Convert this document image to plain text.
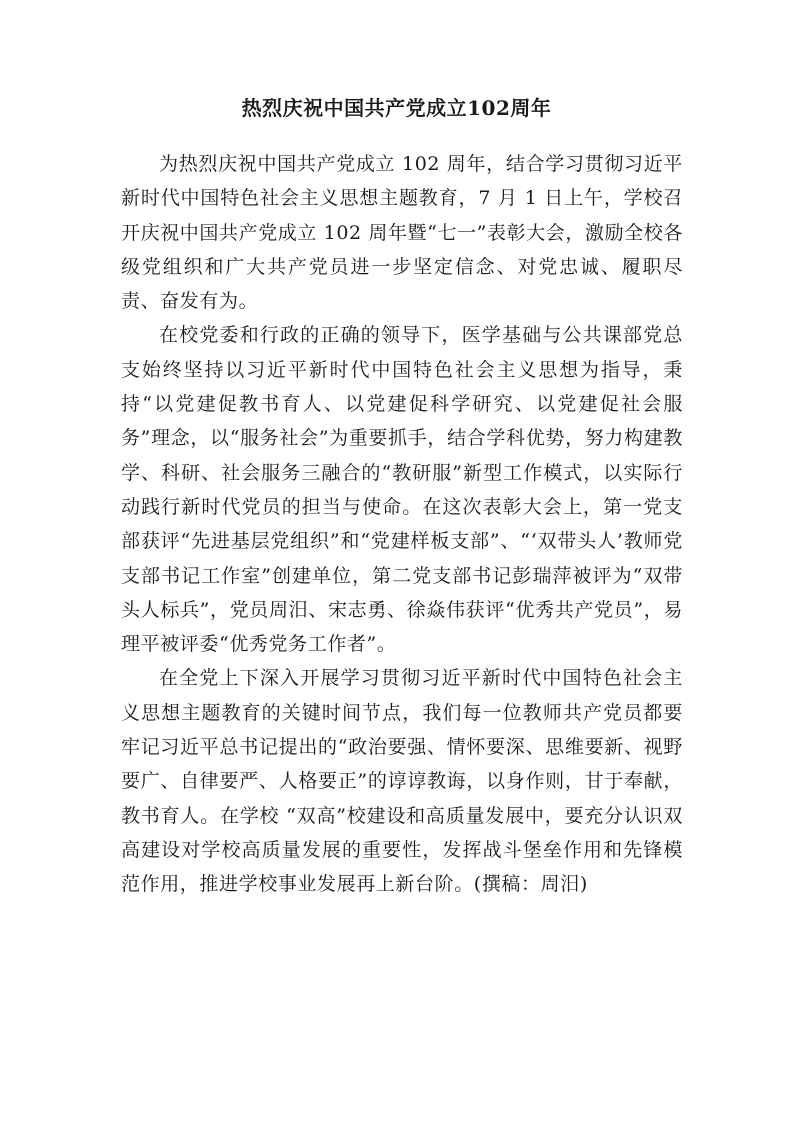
热烈庆祝中国共产党成立102周年

为热烈庆祝中国共产党成立 102 周年，结合学习贯彻习近平新时代中国特色社会主义思想主题教育，7 月 1 日上午，学校召开庆祝中国共产党成立 102 周年暨“七一”表彰大会，激励全校各级党组织和广大共产党员进一步坚定信念、对党忠诚、履职尽责、奋发有为。

在校党委和行政的正确的领导下，医学基础与公共课部党总支始终坚持以习近平新时代中国特色社会主义思想为指导，秉持“以党建促教书育人、以党建促科学研究、以党建促社会服务”理念，以“服务社会”为重要抓手，结合学科优势，努力构建教学、科研、社会服务三融合的“教研服”新型工作模式，以实际行动践行新时代党员的担当与使命。在这次表彰大会上，第一党支部获评“先进基层党组织”和“党建样板支部”、“‘双带头人’教师党支部书记工作室”创建单位，第二党支部书记彭瑞萍被评为“双带头人标兵”，党员周汨、宋志勇、徐焱伟获评“优秀共产党员”，易理平被评委“优秀党务工作者”。

在全党上下深入开展学习贯彻习近平新时代中国特色社会主义思想主题教育的关键时间节点，我们每一位教师共产党员都要牢记习近平总书记提出的“政治要强、情怀要深、思维要新、视野要广、自律要严、人格要正”的谆谆教诲，以身作则，甘于奉献，教书育人。在学校 “双高”校建设和高质量发展中，要充分认识双高建设对学校高质量发展的重要性，发挥战斗堡垒作用和先锋模范作用，推进学校事业发展再上新台阶。(撰稿：周汨)
